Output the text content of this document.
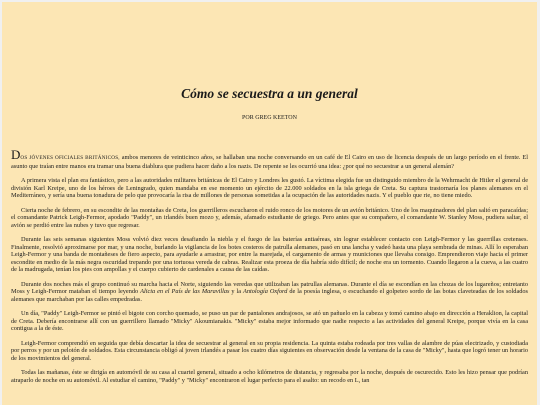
Cómo se secuestra a un general

POR GREG KEETON

DOS JÓVENES OFICIALES BRITÁNICOS, ambos menores de veinticinco años, se hallaban una noche conversando en un café de El Cairo en uso de licencia después de un largo período en el frente. El asunto que traían entre manos era tramar una buena diablura que pudiera hacer daño a los nazis. De repente se les ocurrió una idea: ¿por qué no secuestrar a un general alemán?

A primera vista el plan era fantástico, pero a las autoridades militares británicas de El Cairo y Londres les gustó. La víctima elegida fue un distinguido miembro de la Wehrmacht de Hitler el general de división Karl Kreipe, uno de los héroes de Leningrado, quien mandaba en ese momento un ejército de 22.000 soldados en la isla griega de Creta. Su captura trastornaría los planes alemanes en el Mediterráneo, y sería una buena tonadura de pelo que provocaría la risa de millones de personas sometidas a la ocupación de las autoridades nazis. Y el pueblo que rie, no tiene miedo.

Cierta noche de febrero, en su escondite de las montañas de Creta, los guerrilleros escucharon el ruido ronco de los motores de un avión británico. Uno de los maquinadores del plan saltó en paracaídas; el comandante Patrick Leigh-Fermor, apodado "Paddy", un irlandés buen mozo y, además, afamado estudiante de griego. Pero antes que su compañero, el comandante W. Stanley Moss, pudiera saltar, el avión se perdió entre las nubes y tuvo que regresar.

Durante las seis semanas siguientes Moss volvió diez veces desafiando la niebla y el fuego de las baterías antiaéreas, sin lograr establecer contacto con Leigh-Fermor y las guerrillas cretenses. Finalmente, resolvió aproximarse por mar, y una noche, burlando la vigilancia de los botes costeros de patrulla alemanes, pasó en una lancha y vadeó hasta una playa sembrada de minas. Allí lo esperaban Leigh-Fermor y una banda de montañeses de fiero aspecto, para ayudarle a arrastrar, por entre la marejada, el cargamento de armas y municiones que llevaba consigo. Emprendieron viaje hacia el primer escondite en medio de la más negra oscuridad trepando por una tortuosa vereda de cabras. Realizar esta proeza de día habría sido difícil; de noche era un tormento. Cuando llegaron a la cueva, a las cuatro de la madrugada, tenían los pies con ampollas y el cuerpo cubierto de cardenales a causa de las caídas.

Durante dos noches más el grupo continuó su marcha hacia el Norte, siguiendo las veredas que utilizaban las patrullas alemanas. Durante el día se escondían en las chozas de los lugareños; entretanto Moss y Leigh-Fermor mataban el tiempo leyendo Alicia en el País de las Maravillas y la Antología Oxford de la poesía inglesa, o escuchando el golpeteo sordo de las botas claveteadas de los soldados alemanes que marchaban por las calles empedradas.

Un día, "Paddy" Leigh-Fermor se pintó el bigote con corcho quemado, se puso un par de pantalones andrajosos, se ató un pañuelo en la cabeza y tomó camino abajo en dirección a Heraklion, la capital de Creta. Debería encontrarse allí con un guerrillero llamado "Micky" Akoumianakis. "Micky" estaba mejor informado que nadie respecto a las actividades del general Kreipe, porque vivía en la casa contigua a la de éste.

Leigh-Fermor comprendió en seguida que debía descartar la idea de secuestrar al general en su propia residencia. La quinta estaba rodeada por tres vallas de alambre de púas electrizado, y custodiada por perros y por un pelotón de soldados. Esta circunstancia obligó al joven irlandés a pasar los cuatro días siguientes en observación desde la ventana de la casa de "Micky", hasta que logró tener un horario de los movimientos del general.

Todas las mañanas, éste se dirigía en automóvil de su casa al cuartel general, situado a ocho kilómetros de distancia, y regresaba por la noche, después de oscurecido. Esto les hizo pensar que podrían atraparlo de noche en su automóvil. Al estudiar el camino, "Paddy" y "Micky" encontraron el lugar perfecto para el asalto: un recodo en L, tan
